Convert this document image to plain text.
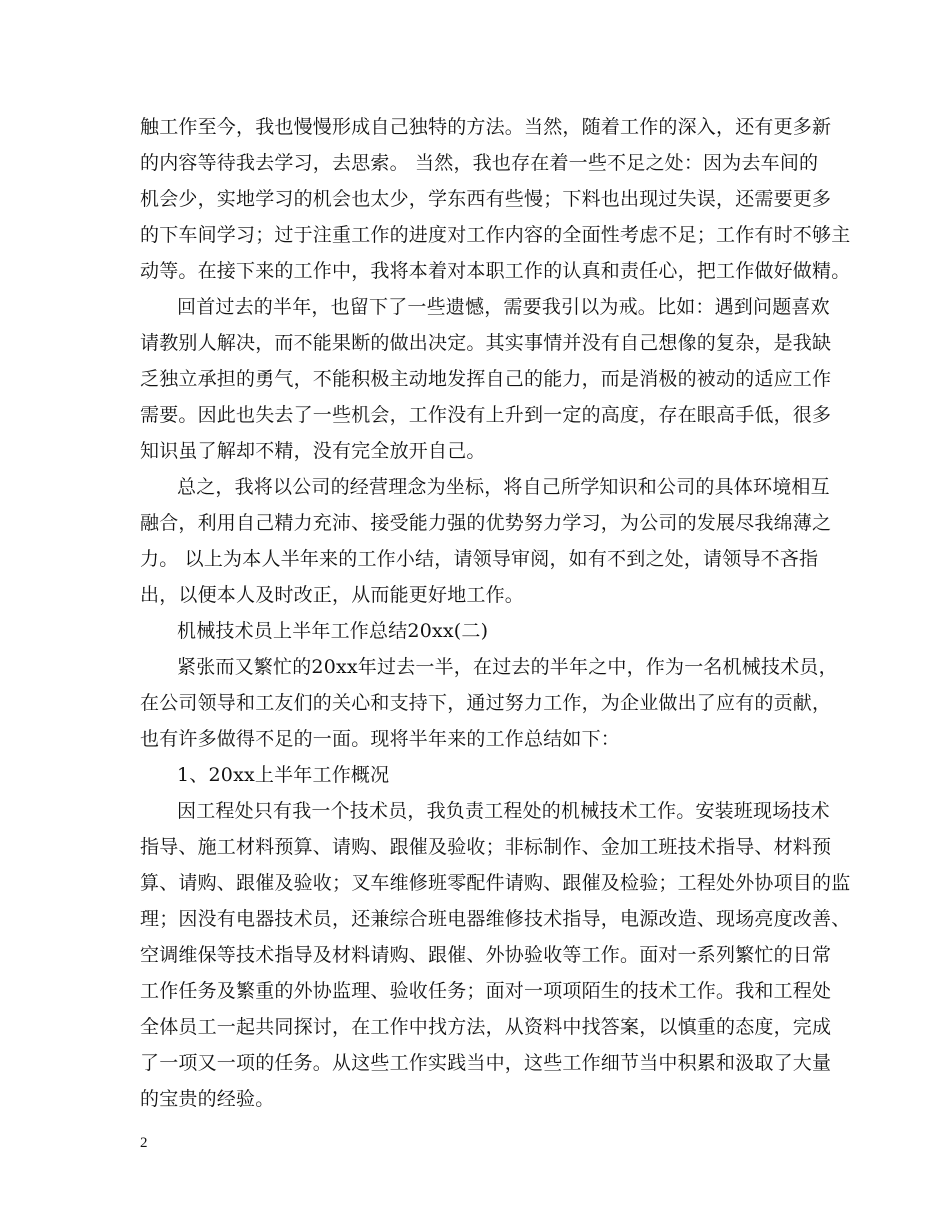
触工作至今，我也慢慢形成自己独特的方法。当然，随着工作的深入，还有更多新
的内容等待我去学习，去思索。 当然，我也存在着一些不足之处：因为去车间的
机会少，实地学习的机会也太少，学东西有些慢；下料也出现过失误，还需要更多
的下车间学习；过于注重工作的进度对工作内容的全面性考虑不足；工作有时不够主
动等。在接下来的工作中，我将本着对本职工作的认真和责任心，把工作做好做精。
回首过去的半年，也留下了一些遗憾，需要我引以为戒。比如：遇到问题喜欢
请教别人解决，而不能果断的做出决定。其实事情并没有自己想像的复杂，是我缺
乏独立承担的勇气，不能积极主动地发挥自己的能力，而是消极的被动的适应工作
需要。因此也失去了一些机会，工作没有上升到一定的高度，存在眼高手低，很多
知识虽了解却不精，没有完全放开自己。
总之，我将以公司的经营理念为坐标，将自己所学知识和公司的具体环境相互
融合，利用自己精力充沛、接受能力强的优势努力学习，为公司的发展尽我绵薄之
力。 以上为本人半年来的工作小结，请领导审阅，如有不到之处，请领导不吝指
出，以便本人及时改正，从而能更好地工作。
机械技术员上半年工作总结20xx(二)
紧张而又繁忙的20xx年过去一半，在过去的半年之中，作为一名机械技术员，
在公司领导和工友们的关心和支持下，通过努力工作，为企业做出了应有的贡献，
也有许多做得不足的一面。现将半年来的工作总结如下：
1、20xx上半年工作概况
因工程处只有我一个技术员，我负责工程处的机械技术工作。安装班现场技术
指导、施工材料预算、请购、跟催及验收；非标制作、金加工班技术指导、材料预
算、请购、跟催及验收；叉车维修班零配件请购、跟催及检验；工程处外协项目的监
理；因没有电器技术员，还兼综合班电器维修技术指导，电源改造、现场亮度改善、
空调维保等技术指导及材料请购、跟催、外协验收等工作。面对一系列繁忙的日常
工作任务及繁重的外协监理、验收任务；面对一项项陌生的技术工作。我和工程处
全体员工一起共同探讨，在工作中找方法，从资料中找答案，以慎重的态度，完成
了一项又一项的任务。从这些工作实践当中，这些工作细节当中积累和汲取了大量
的宝贵的经验。
2
